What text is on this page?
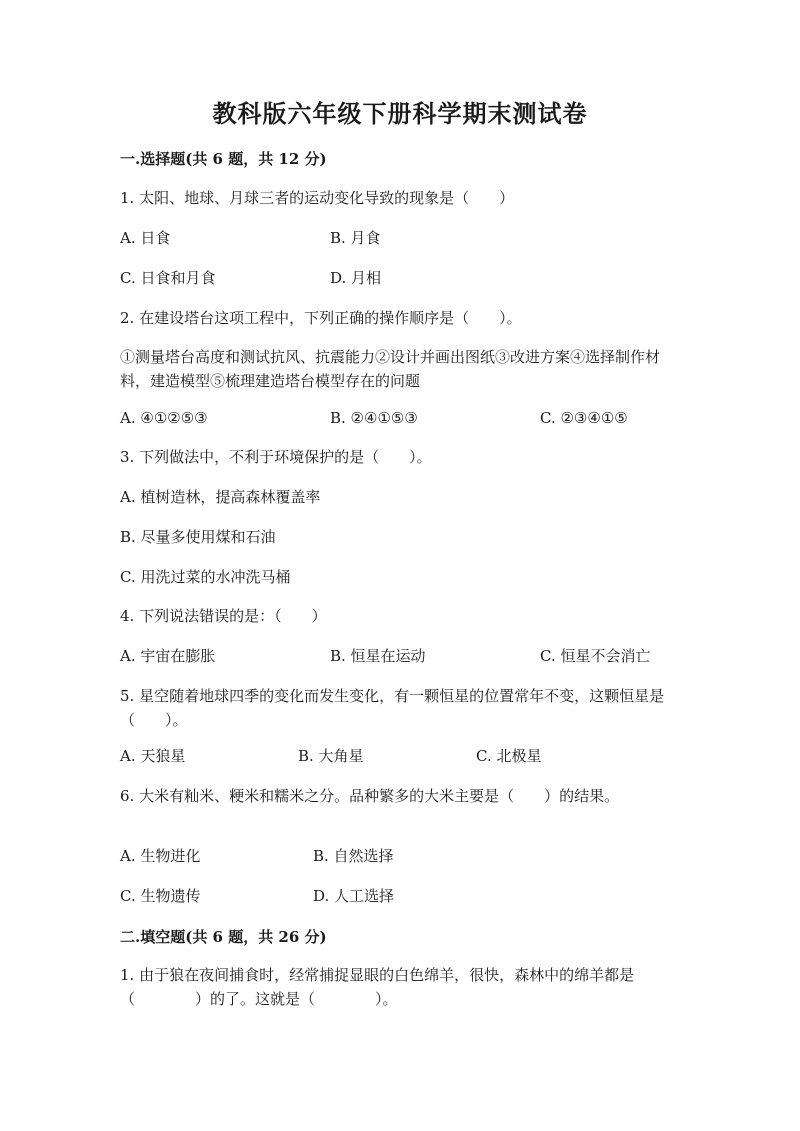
教科版六年级下册科学期末测试卷
一.选择题(共 6 题，共 12 分)
1. 太阳、地球、月球三者的运动变化导致的现象是（　　）
A. 日食	B. 月食
C. 日食和月食	D. 月相
2. 在建设塔台这项工程中，下列正确的操作顺序是（　　）。
①测量塔台高度和测试抗风、抗震能力②设计并画出图纸③改进方案④选择制作材料，建造模型⑤梳理建造塔台模型存在的问题
A. ④①②⑤③	B. ②④①⑤③	C. ②③④①⑤
3. 下列做法中，不利于环境保护的是（　　）。
A. 植树造林，提高森林覆盖率
B. 尽量多使用煤和石油
C. 用洗过菜的水冲洗马桶
4. 下列说法错误的是：（　　）
A. 宇宙在膨胀	B. 恒星在运动	C. 恒星不会消亡
5. 星空随着地球四季的变化而发生变化，有一颗恒星的位置常年不变，这颗恒星是（　　）。
A. 天狼星	B. 大角星	C. 北极星
6. 大米有籼米、粳米和糯米之分。品种繁多的大米主要是（　　）的结果。
A. 生物进化	B. 自然选择
C. 生物遗传	D. 人工选择
二.填空题(共 6 题，共 26 分)
1. 由于狼在夜间捕食时，经常捕捉显眼的白色绵羊，很快，森林中的绵羊都是（　　　　）的了。这就是（　　　　）。
